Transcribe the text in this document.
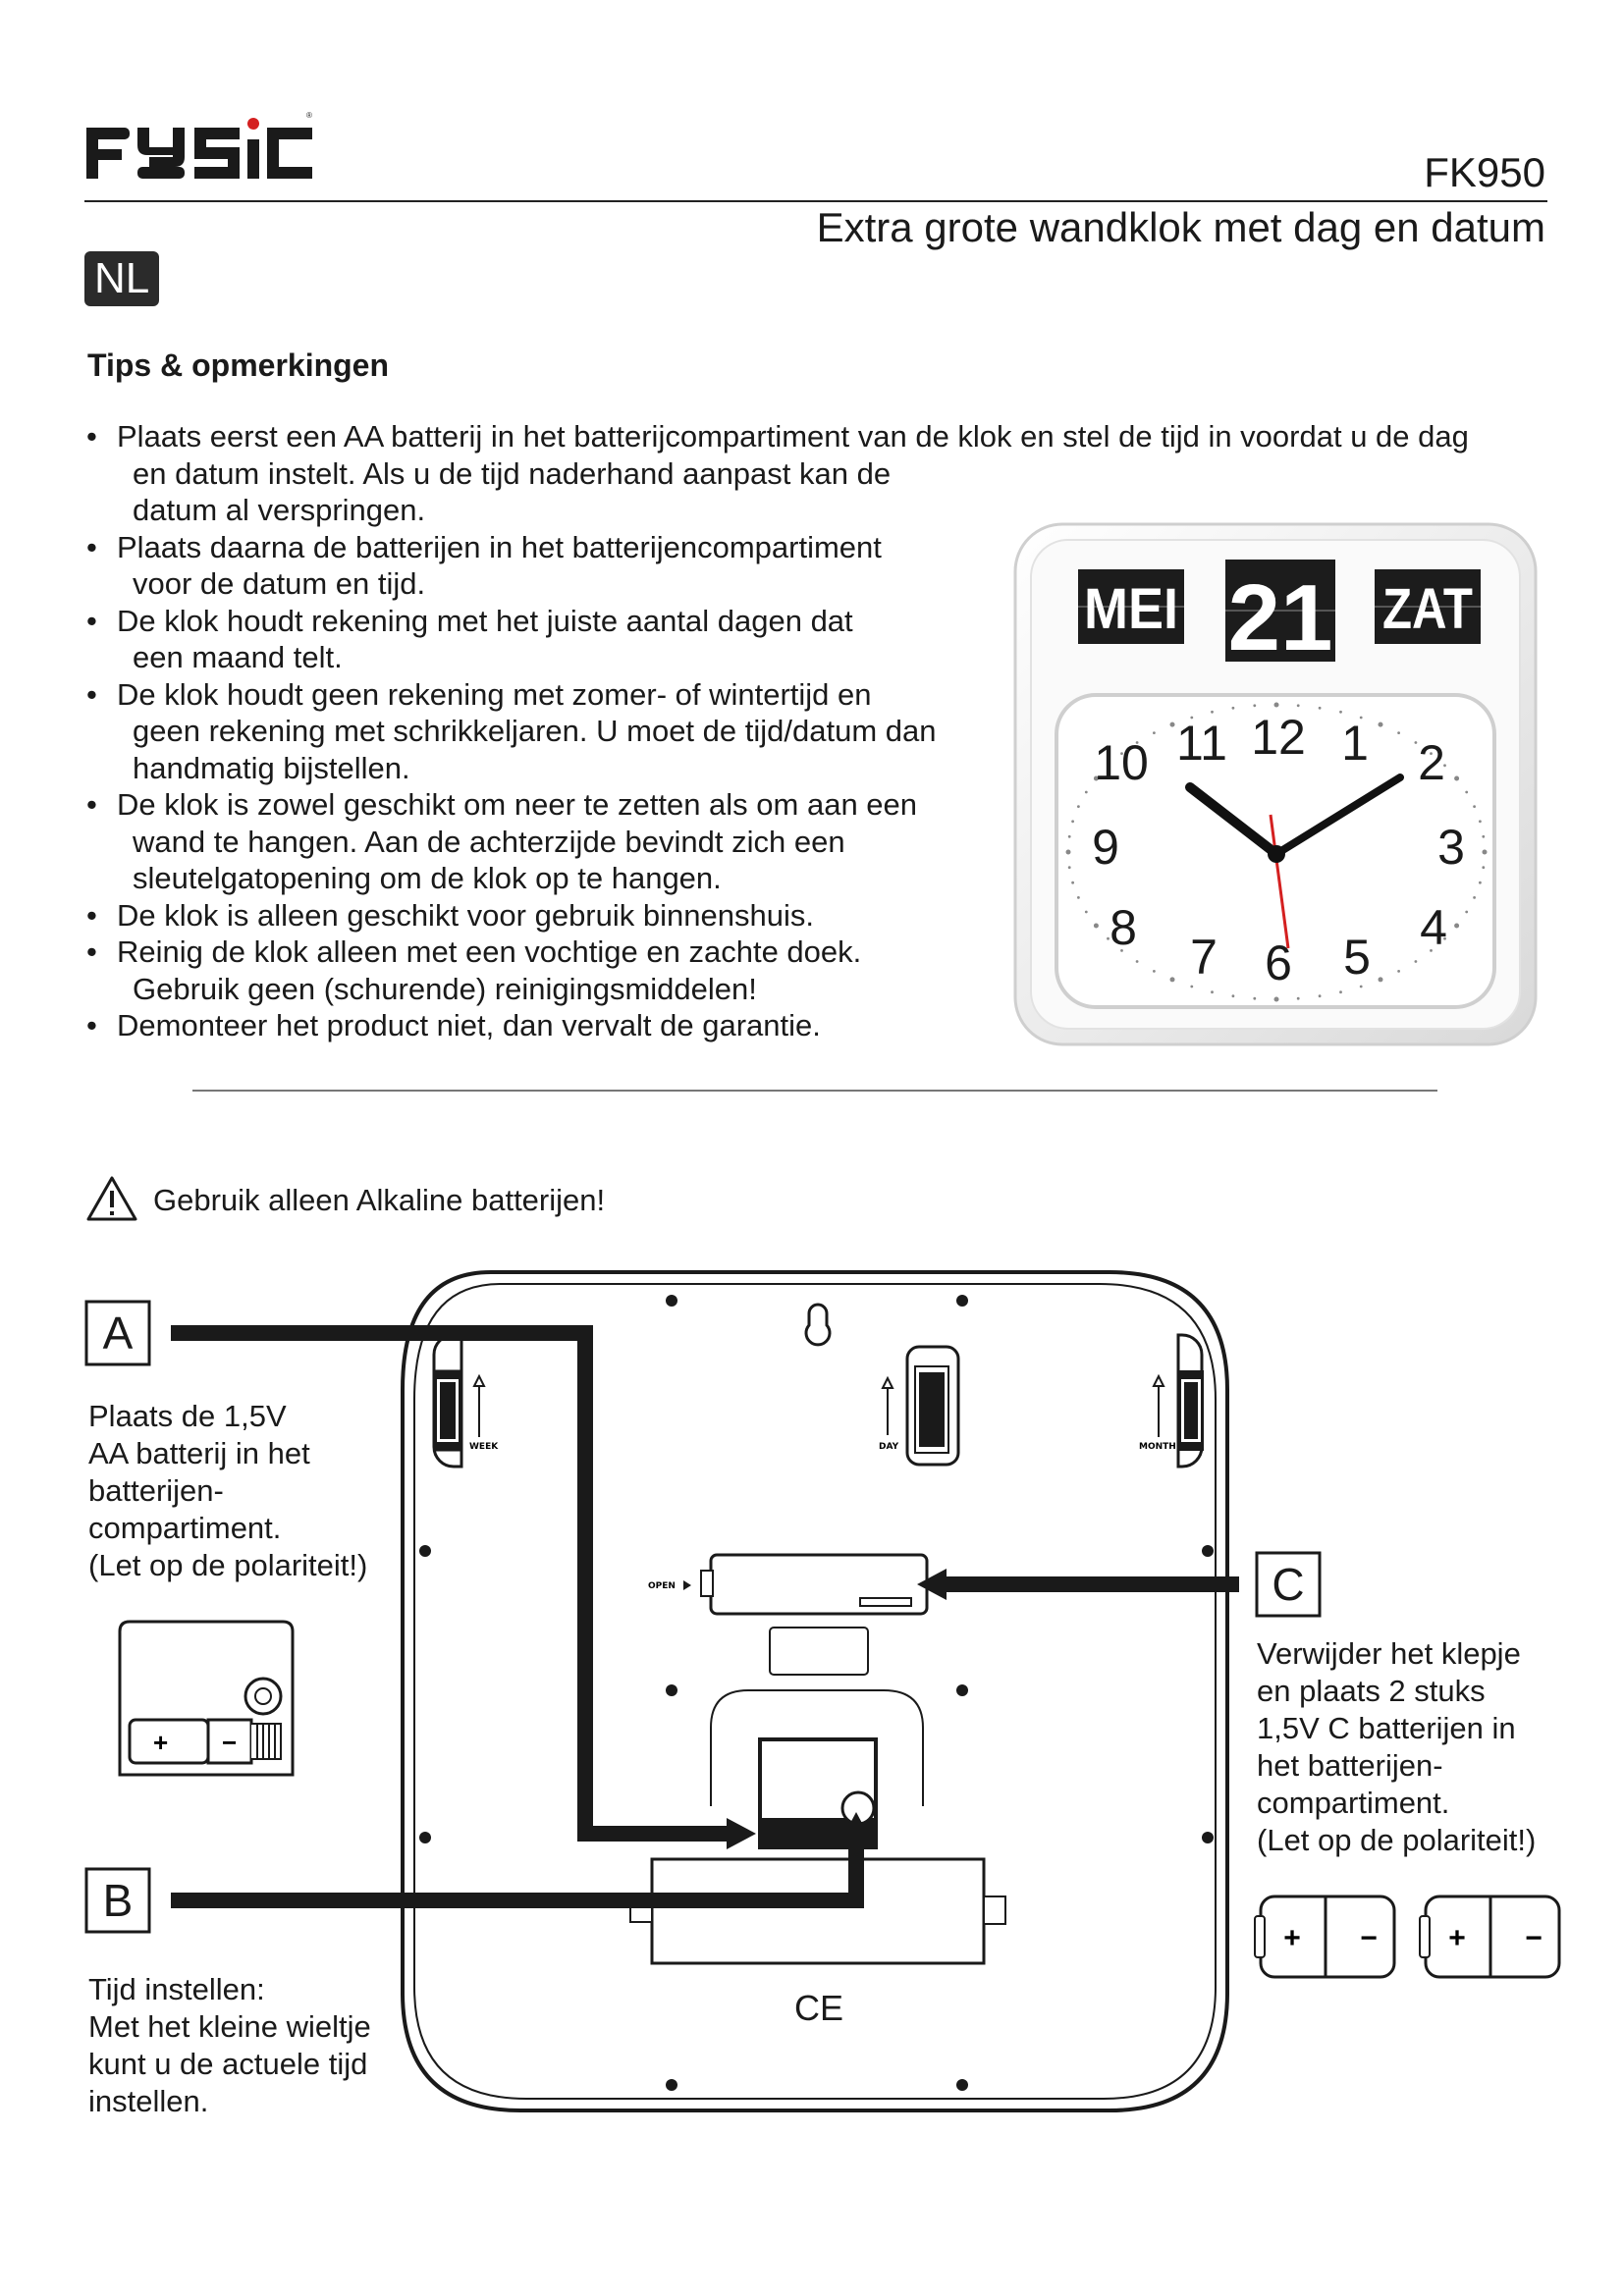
®
FK950
Extra grote wandklok met dag en datum
NL
Tips & opmerkingen
• Plaats eerst een AA batterij in het batterijcompartiment van de klok en stel de tijd in voordat u de dag
en datum instelt. Als u de tijd naderhand aanpast kan de
datum al verspringen.
• Plaats daarna de batterijen in het batterijencompartiment
voor de datum en tijd.
• De klok houdt rekening met het juiste aantal dagen dat
een maand telt.
• De klok houdt geen rekening met zomer- of wintertijd en
geen rekening met schrikkeljaren. U moet de tijd/datum dan
handmatig bijstellen.
• De klok is zowel geschikt om neer te zetten als om aan een
wand te hangen. Aan de achterzijde bevindt zich een
sleutelgatopening om de klok op te hangen.
• De klok is alleen geschikt voor gebruik binnenshuis.
• Reinig de klok alleen met een vochtige en zachte doek.
Gebruik geen (schurende) reinigingsmiddelen!
• Demonteer het product niet, dan vervalt de garantie.
MEI 21 ZAT
12 1 2
3
4
5
6
7
8
9
10 11
Gebruik alleen Alkaline batterijen!
WEEK	DAY	MONTH
OPEN
CE
A
B
C
+ −
+ − + −
Plaats de 1,5V
AA batterij in het
batterijen-
compartiment.
(Let op de polariteit!)
Tijd instellen:
Met het kleine wieltje
kunt u de actuele tijd
instellen.
Verwijder het klepje
en plaats 2 stuks
1,5V C batterijen in
het batterijen-
compartiment.
(Let op de polariteit!)
